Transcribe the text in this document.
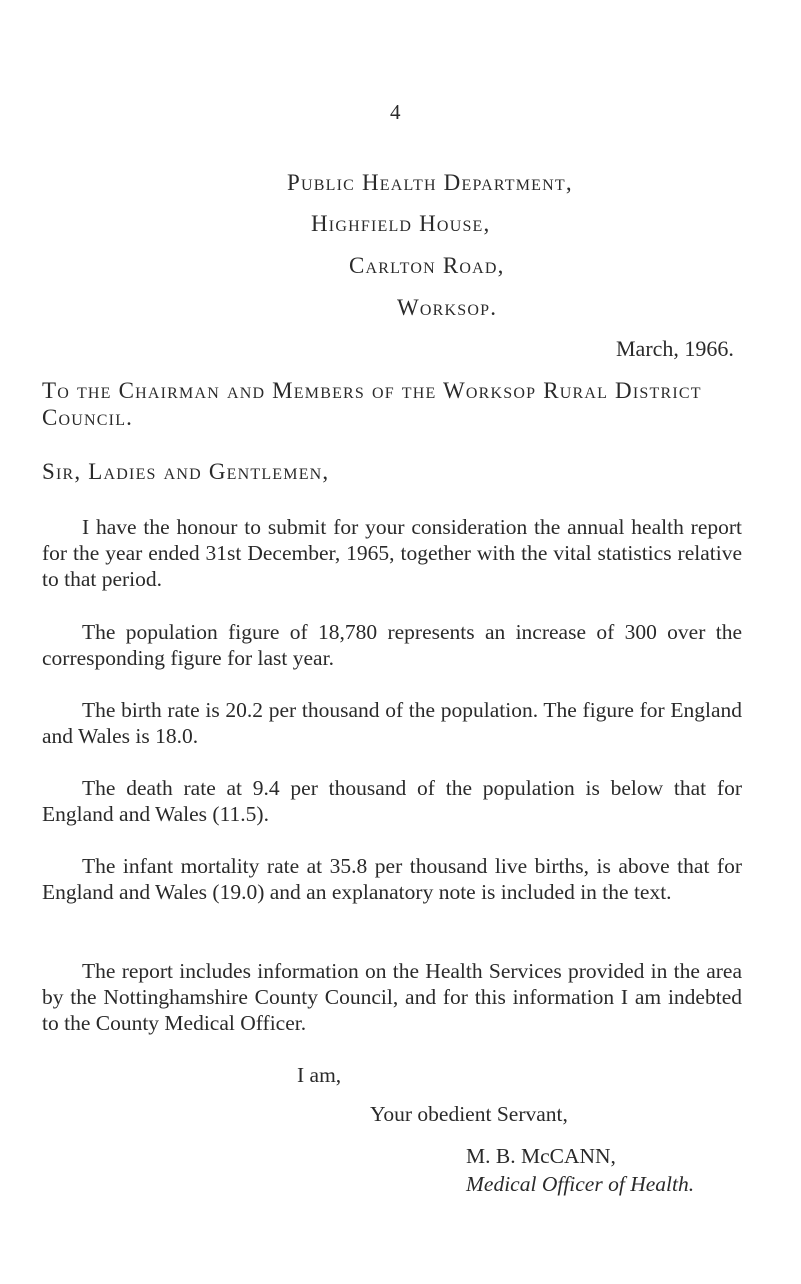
4
Public Health Department,
Highfield House,
Carlton Road,
Worksop.
March, 1966.
To the Chairman and Members of the Worksop Rural District
Council.
Sir, Ladies and Gentlemen,
I have the honour to submit for your consideration the annual health report for the year ended 31st December, 1965, together with the vital statistics relative to that period.
The population figure of 18,780 represents an increase of 300 over the corresponding figure for last year.
The birth rate is 20.2 per thousand of the population. The figure for England and Wales is 18.0.
The death rate at 9.4 per thousand of the population is below that for England and Wales (11.5).
The infant mortality rate at 35.8 per thousand live births, is above that for England and Wales (19.0) and an explanatory note is included in the text.
The report includes information on the Health Services provided in the area by the Nottinghamshire County Council, and for this information I am indebted to the County Medical Officer.
I am,
Your obedient Servant,
M. B. McCANN,
Medical Officer of Health.
